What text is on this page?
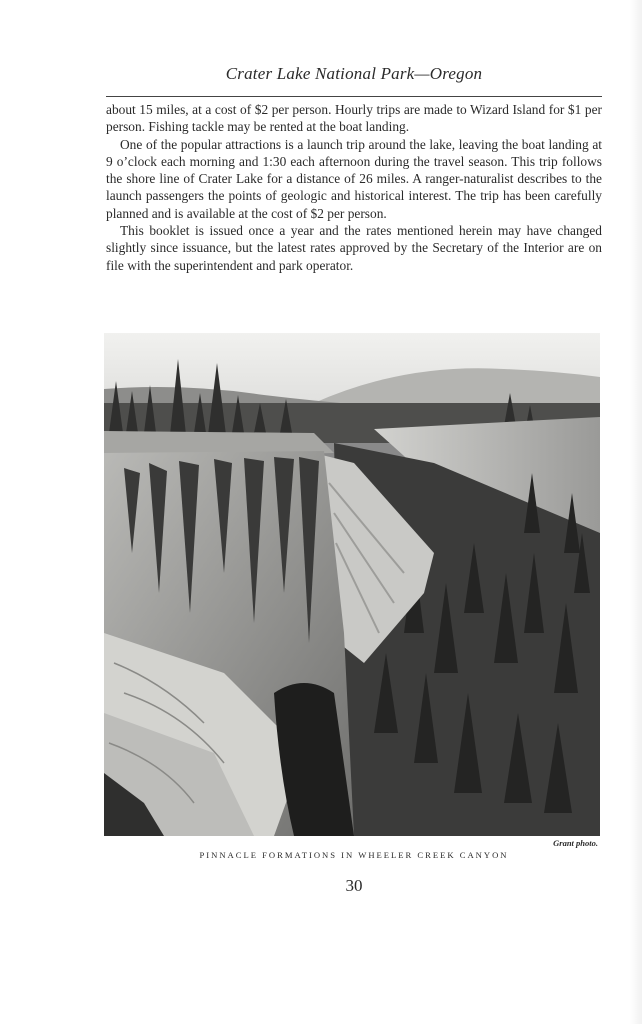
Crater Lake National Park—Oregon

about 15 miles, at a cost of $2 per person. Hourly trips are made to Wizard Island for $1 per person. Fishing tackle may be rented at the boat landing.

One of the popular attractions is a launch trip around the lake, leaving the boat landing at 9 o’clock each morning and 1:30 each afternoon during the travel season. This trip follows the shore line of Crater Lake for a distance of 26 miles. A ranger-naturalist describes to the launch passengers the points of geologic and historical interest. The trip has been carefully planned and is available at the cost of $2 per person.

This booklet is issued once a year and the rates mentioned herein may have changed slightly since issuance, but the latest rates approved by the Secretary of the Interior are on file with the superintendent and park operator.

Grant photo.
PINNACLE FORMATIONS IN WHEELER CREEK CANYON
30
